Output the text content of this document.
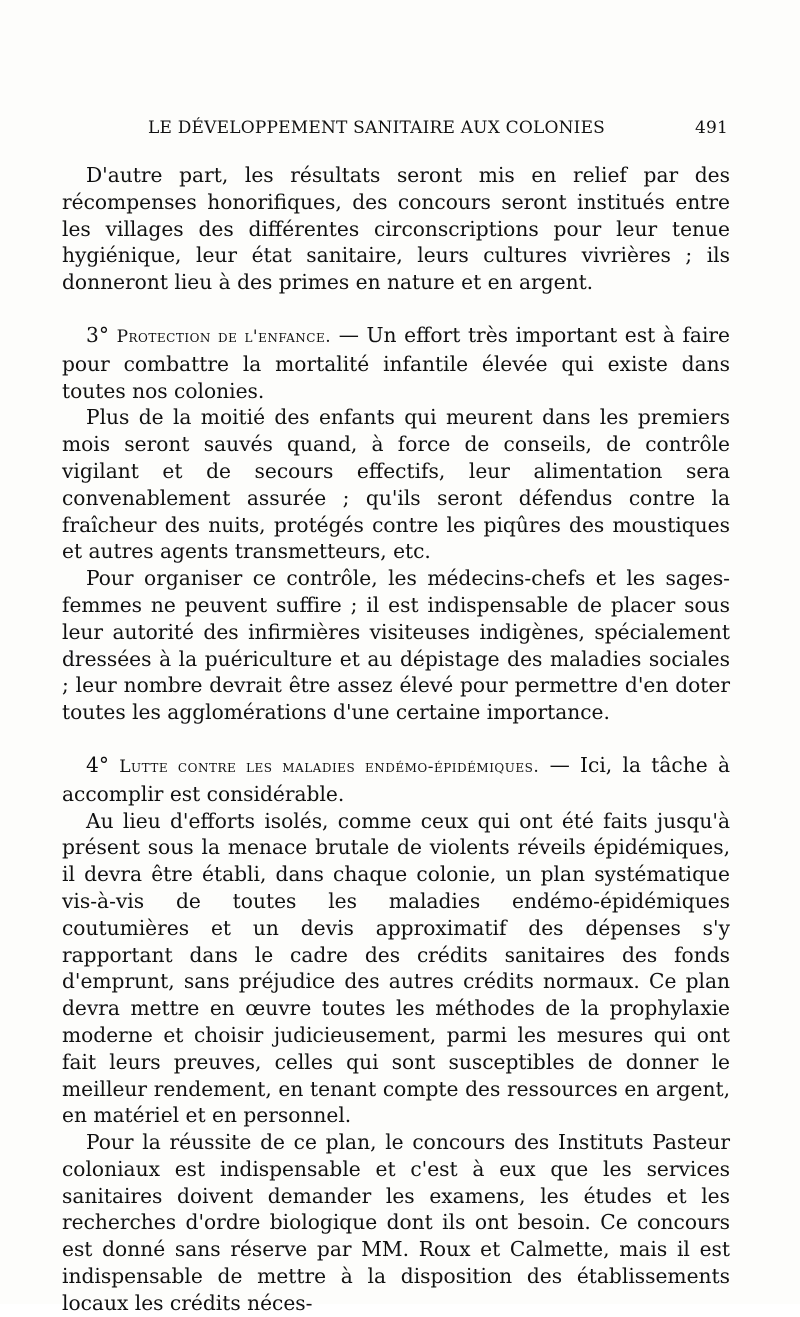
LE DÉVELOPPEMENT SANITAIRE AUX COLONIES	491

D'autre part, les résultats seront mis en relief par des récompenses honorifiques, des concours seront institués entre les villages des différentes circonscriptions pour leur tenue hygiénique, leur état sanitaire, leurs cultures vivrières ; ils donneront lieu à des primes en nature et en argent.

3° Protection de l'enfance. — Un effort très important est à faire pour combattre la mortalité infantile élevée qui existe dans toutes nos colonies.

Plus de la moitié des enfants qui meurent dans les premiers mois seront sauvés quand, à force de conseils, de contrôle vigilant et de secours effectifs, leur alimentation sera convenablement assurée ; qu'ils seront défendus contre la fraîcheur des nuits, protégés contre les piqûres des moustiques et autres agents transmetteurs, etc.

Pour organiser ce contrôle, les médecins-chefs et les sages-femmes ne peuvent suffire ; il est indispensable de placer sous leur autorité des infirmières visiteuses indigènes, spécialement dressées à la puériculture et au dépistage des maladies sociales ; leur nombre devrait être assez élevé pour permettre d'en doter toutes les agglomérations d'une certaine importance.

4° Lutte contre les maladies endémo-épidémiques. — Ici, la tâche à accomplir est considérable.

Au lieu d'efforts isolés, comme ceux qui ont été faits jusqu'à présent sous la menace brutale de violents réveils épidémiques, il devra être établi, dans chaque colonie, un plan systématique vis-à-vis de toutes les maladies endémo-épidémiques coutumières et un devis approximatif des dépenses s'y rapportant dans le cadre des crédits sanitaires des fonds d'emprunt, sans préjudice des autres crédits normaux. Ce plan devra mettre en œuvre toutes les méthodes de la prophylaxie moderne et choisir judicieusement, parmi les mesures qui ont fait leurs preuves, celles qui sont susceptibles de donner le meilleur rendement, en tenant compte des ressources en argent, en matériel et en personnel.

Pour la réussite de ce plan, le concours des Instituts Pasteur coloniaux est indispensable et c'est à eux que les services sanitaires doivent demander les examens, les études et les recherches d'ordre biologique dont ils ont besoin. Ce concours est donné sans réserve par MM. Roux et Calmette, mais il est indispensable de mettre à la disposition des établissements locaux les crédits néces-
